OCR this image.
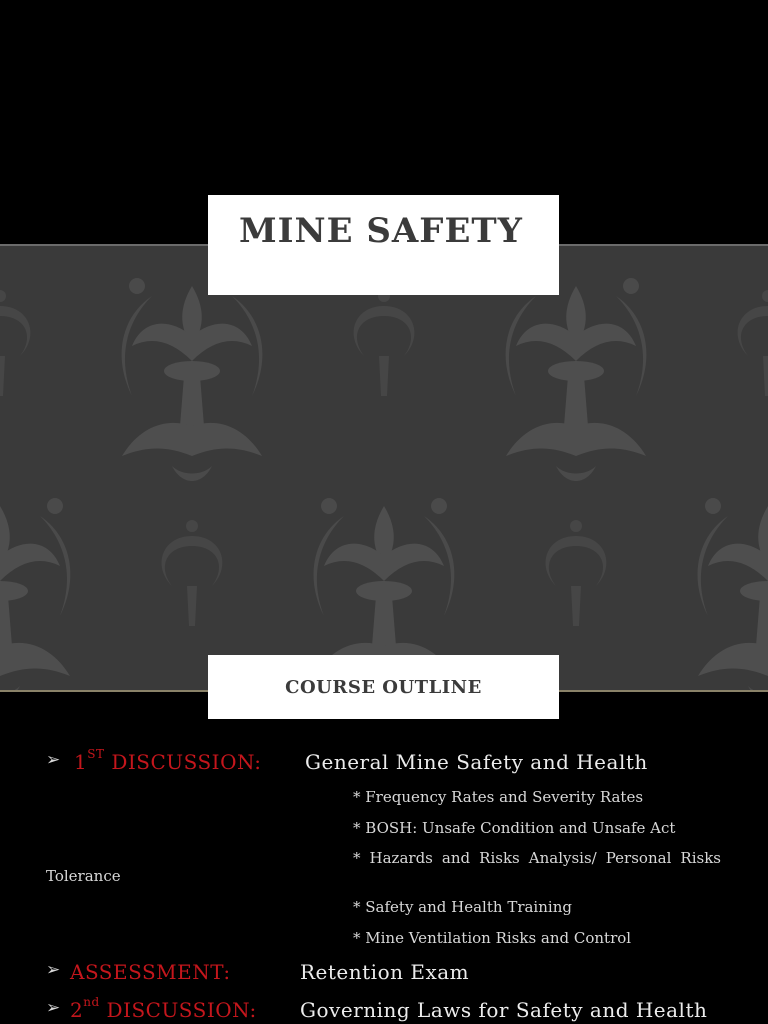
MINE SAFETY
COURSE OUTLINE
➢ 1ST DISCUSSION: General Mine Safety and Health
* Frequency Rates and Severity Rates
* BOSH: Unsafe Condition and Unsafe Act
* Hazards and Risks Analysis/ Personal Risks
Tolerance
* Safety and Health Training
* Mine Ventilation Risks and Control
➢ ASSESSMENT:	Retention Exam
➢ 2nd DISCUSSION: Governing Laws for Safety and Health
